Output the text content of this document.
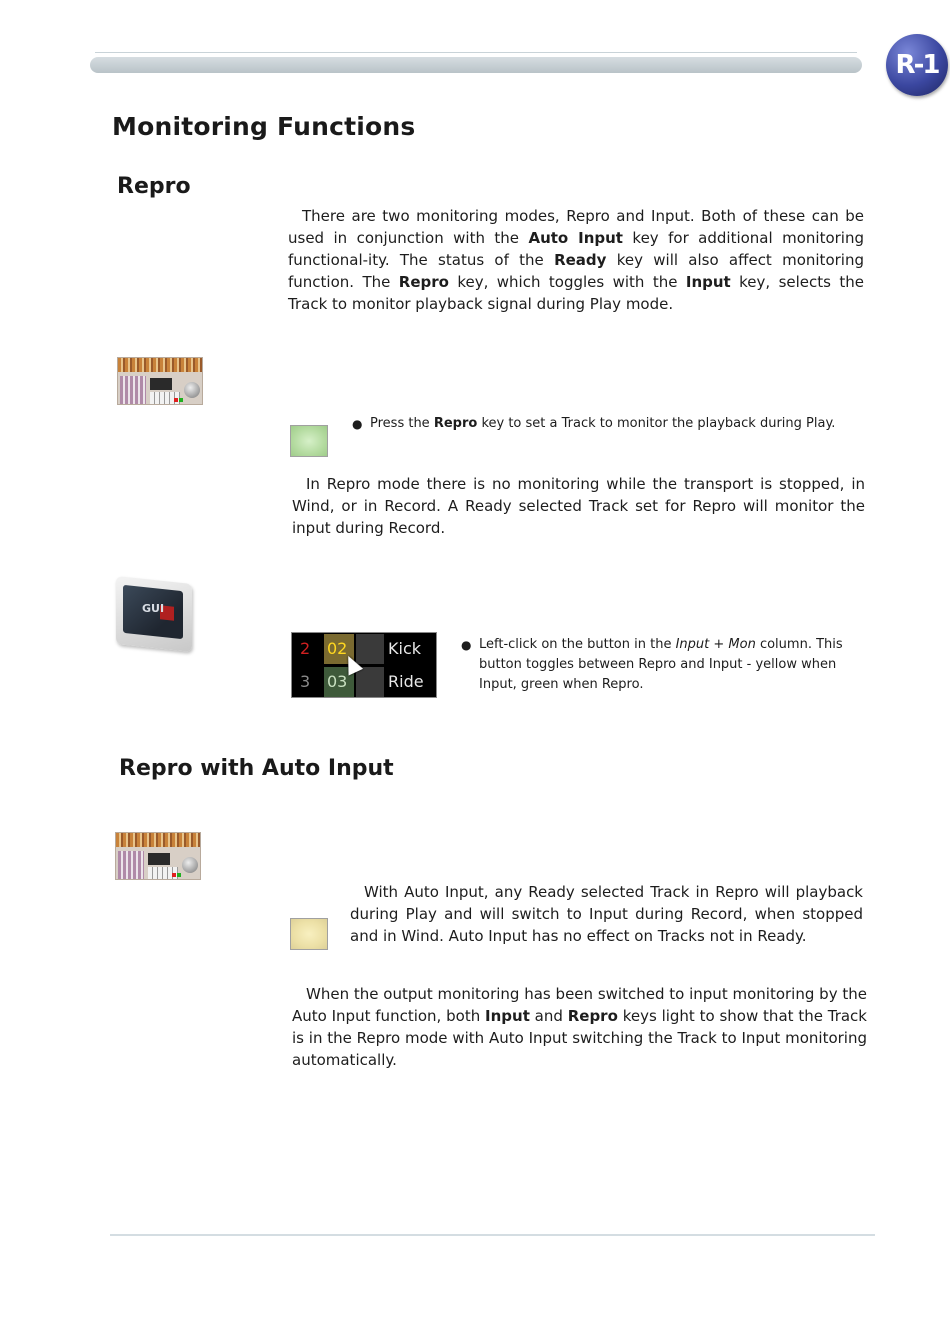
R-1
Monitoring Functions
Repro

There are two monitoring modes, Repro and Input. Both of these can be used in conjunction with the Auto Input key for additional monitoring functional-ity. The status of the Ready key will also affect monitoring function. The Repro key, which toggles with the Input key, selects the Track to monitor playback signal during Play mode.

● Press the Repro key to set a Track to monitor the playback during Play.

In Repro mode there is no monitoring while the transport is stopped, in Wind, or in Record. A Ready selected Track set for Repro will monitor the input during Record.

GUI
2 02	Kick
3 03	Ride
● Left-click on the button in the Input + Mon column. This button toggles between Repro and Input - yellow when Input, green when Repro.
Repro with Auto Input

With Auto Input, any Ready selected Track in Repro will playback during Play and will switch to Input during Record, when stopped and in Wind. Auto Input has no effect on Tracks not in Ready.

When the output monitoring has been switched to input monitoring by the Auto Input function, both Input and Repro keys light to show that the Track is in the Repro mode with Auto Input switching the Track to Input monitoring automatically.
